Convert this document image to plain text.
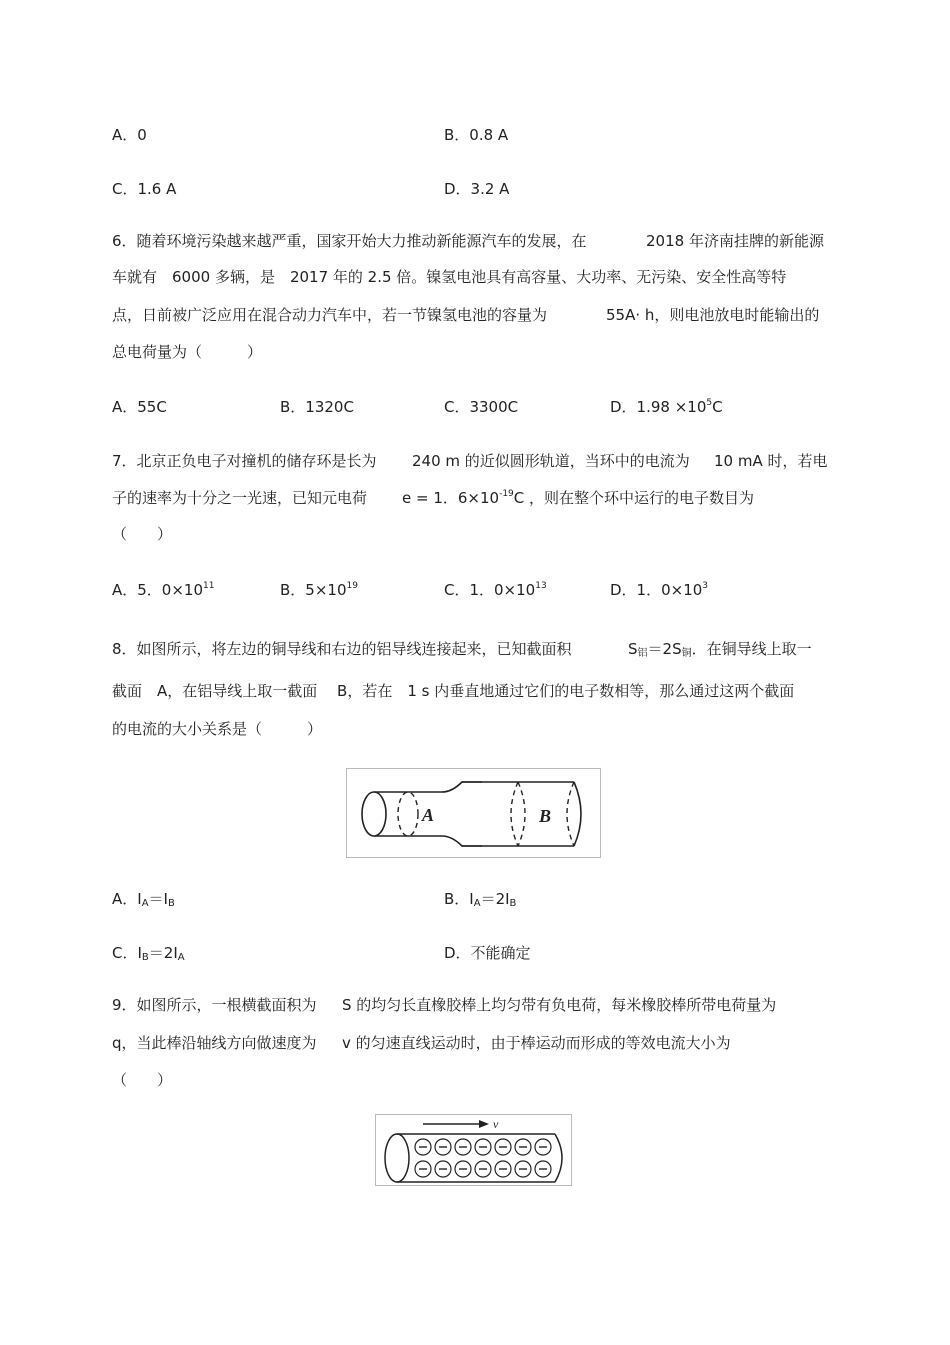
A．0	B．0.8 A
C．1.6 A	D．3.2 A
6．随着环境污染越来越严重，国家开始大力推动新能源汽车的发展，在	2018 年济南挂牌的新能源
车就有　6000 多辆，是　2017 年的 2.5 倍。镍氢电池具有高容量、大功率、无污染、安全性高等特
点，日前被广泛应用在混合动力汽车中，若一节镍氢电池的容量为	55A· h，则电池放电时能输出的
总电荷量为（　　　）
A．55C	B．1320C	C．3300C	D．$1.98 \times 10^5C$
7．北京正负电子对撞机的储存环是长为 240 m 的近似圆形轨道，当环中的电流为 10 mA 时，若电
子的速率为十分之一光速，已知元电荷 e = 1．$6\times 10^{-19}C$ ，则在整个环中运行的电子数目为
（　　）
A．5．$0\times 10^{11}$	B．$5\times 10^{19}$	C．1．$0\times 10^{13}$	D．1．$0\times 10^3$
8．如图所示，将左边的铜导线和右边的铝导线连接起来，已知截面积	S铝＝2S铜．在铜导线上取一
截面　A，在铝导线上取一截面　 B，若在　1 s 内垂直地通过它们的电子数相等，那么通过这两个截面
的电流的大小关系是（　　　）
A	B
A．IA＝IB	B．IA＝2IB
C．IB＝2IA	D．不能确定
9．如图所示，一根横截面积为 S 的均匀长直橡胶棒上均匀带有负电荷，每米橡胶棒所带电荷量为
q，当此棒沿轴线方向做速度为 v 的匀速直线运动时，由于棒运动而形成的等效电流大小为
（　　）
v
